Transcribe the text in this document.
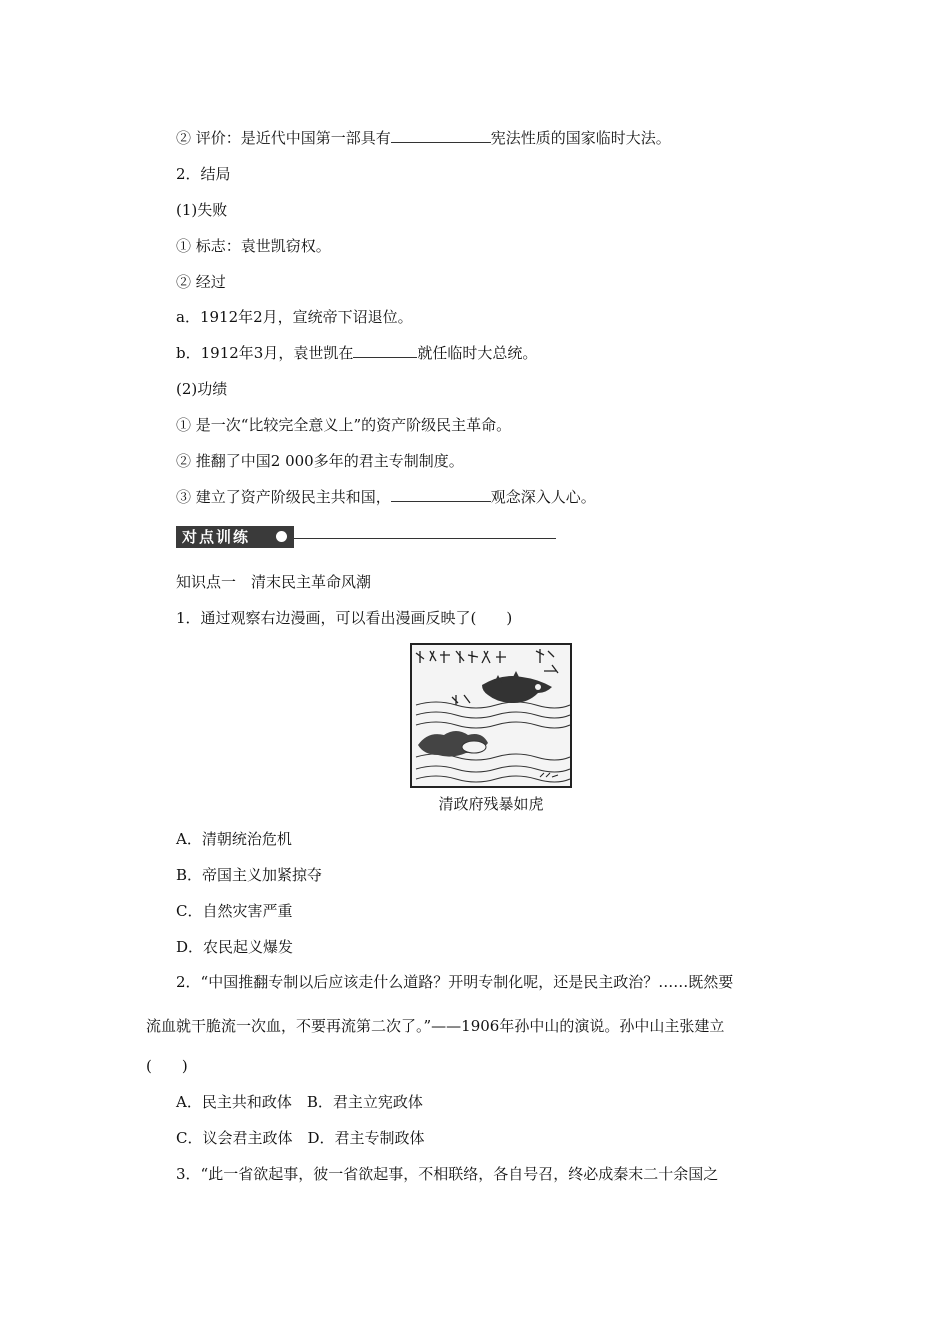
② 评价：是近代中国第一部具有	宪法性质的国家临时大法。
2．结局
(1)失败
① 标志：袁世凯窃权。
② 经过
a．1912年2月，宣统帝下诏退位。
b．1912年3月，袁世凯在	就任临时大总统。
(2)功绩
① 是一次“比较完全意义上”的资产阶级民主革命。
② 推翻了中国2 000多年的君主专制制度。
③ 建立了资产阶级民主共和国，	观念深入人心。
对点训练
知识点一　清末民主革命风潮
1．通过观察右边漫画，可以看出漫画反映了(　　)
清政府残暴如虎
A．清朝统治危机
B．帝国主义加紧掠夺
C．自然灾害严重
D．农民起义爆发
2．“中国推翻专制以后应该走什么道路？开明专制化呢，还是民主政治？……既然要
流血就干脆流一次血，不要再流第二次了。”——1906年孙中山的演说。孙中山主张建立
(　　)
A．民主共和政体　B．君主立宪政体
C．议会君主政体　D．君主专制政体
3．“此一省欲起事，彼一省欲起事，不相联络，各自号召，终必成秦末二十余国之
